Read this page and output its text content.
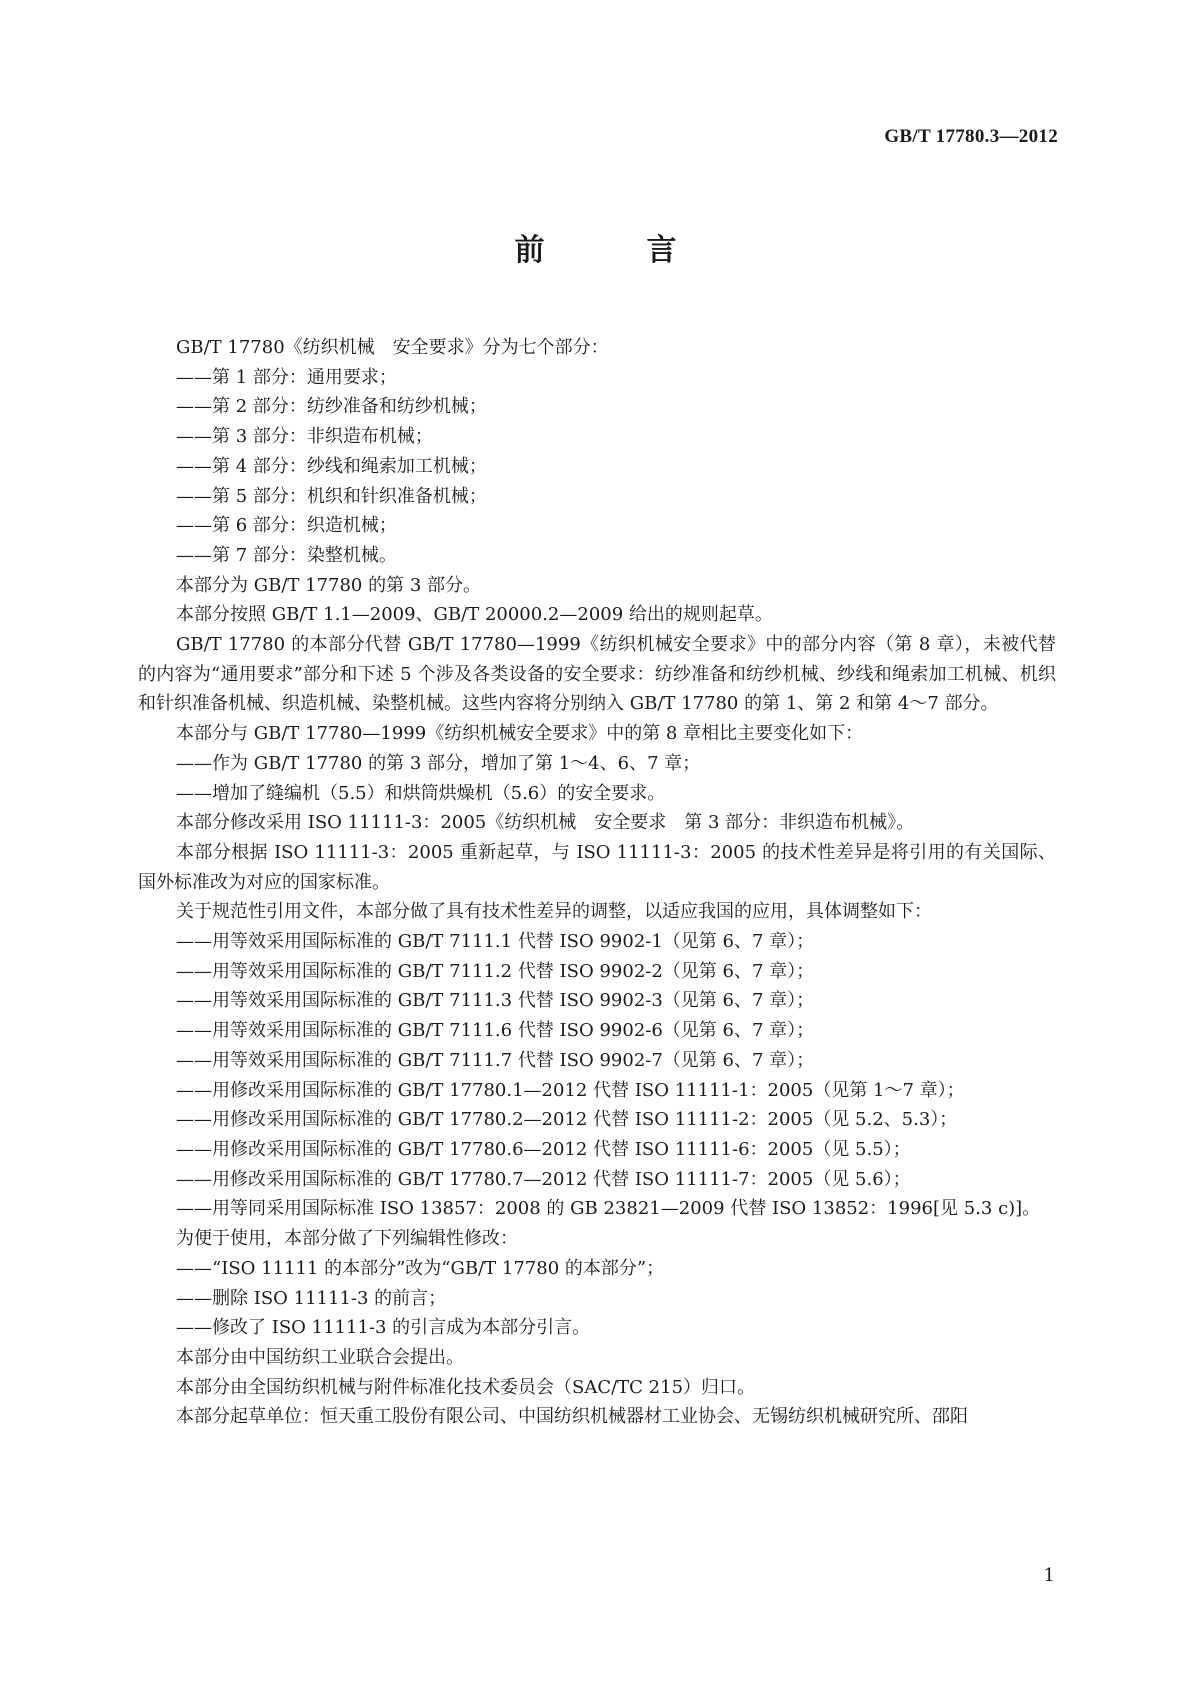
GB/T 17780.3—2012
前　言

GB/T 17780《纺织机械　安全要求》分为七个部分：

——第 1 部分：通用要求；

——第 2 部分：纺纱准备和纺纱机械；

——第 3 部分：非织造布机械；

——第 4 部分：纱线和绳索加工机械；

——第 5 部分：机织和针织准备机械；

——第 6 部分：织造机械；

——第 7 部分：染整机械。

本部分为 GB/T 17780 的第 3 部分。

本部分按照 GB/T 1.1—2009、GB/T 20000.2—2009 给出的规则起草。

GB/T 17780 的本部分代替 GB/T 17780—1999《纺织机械安全要求》中的部分内容（第 8 章），未被代替的内容为“通用要求”部分和下述 5 个涉及各类设备的安全要求：纺纱准备和纺纱机械、纱线和绳索加工机械、机织和针织准备机械、织造机械、染整机械。这些内容将分别纳入 GB/T 17780 的第 1、第 2 和第 4～7 部分。

本部分与 GB/T 17780—1999《纺织机械安全要求》中的第 8 章相比主要变化如下：

——作为 GB/T 17780 的第 3 部分，增加了第 1～4、6、7 章；

——增加了缝编机（5.5）和烘筒烘燥机（5.6）的安全要求。

本部分修改采用 ISO 11111-3：2005《纺织机械　安全要求　第 3 部分：非织造布机械》。

本部分根据 ISO 11111-3：2005 重新起草，与 ISO 11111-3：2005 的技术性差异是将引用的有关国际、国外标准改为对应的国家标准。

关于规范性引用文件，本部分做了具有技术性差异的调整，以适应我国的应用，具体调整如下：

——用等效采用国际标准的 GB/T 7111.1 代替 ISO 9902-1（见第 6、7 章）；

——用等效采用国际标准的 GB/T 7111.2 代替 ISO 9902-2（见第 6、7 章）；

——用等效采用国际标准的 GB/T 7111.3 代替 ISO 9902-3（见第 6、7 章）；

——用等效采用国际标准的 GB/T 7111.6 代替 ISO 9902-6（见第 6、7 章）；

——用等效采用国际标准的 GB/T 7111.7 代替 ISO 9902-7（见第 6、7 章）；

——用修改采用国际标准的 GB/T 17780.1—2012 代替 ISO 11111-1：2005（见第 1～7 章）；

——用修改采用国际标准的 GB/T 17780.2—2012 代替 ISO 11111-2：2005（见 5.2、5.3）；

——用修改采用国际标准的 GB/T 17780.6—2012 代替 ISO 11111-6：2005（见 5.5）；

——用修改采用国际标准的 GB/T 17780.7—2012 代替 ISO 11111-7：2005（见 5.6）；

——用等同采用国际标准 ISO 13857：2008 的 GB 23821—2009 代替 ISO 13852：1996[见 5.3 c)]。

为便于使用，本部分做了下列编辑性修改：

——“ISO 11111 的本部分”改为“GB/T 17780 的本部分”；

——删除 ISO 11111-3 的前言；

——修改了 ISO 11111-3 的引言成为本部分引言。

本部分由中国纺织工业联合会提出。

本部分由全国纺织机械与附件标准化技术委员会（SAC/TC 215）归口。

本部分起草单位：恒天重工股份有限公司、中国纺织机械器材工业协会、无锡纺织机械研究所、邵阳

1
